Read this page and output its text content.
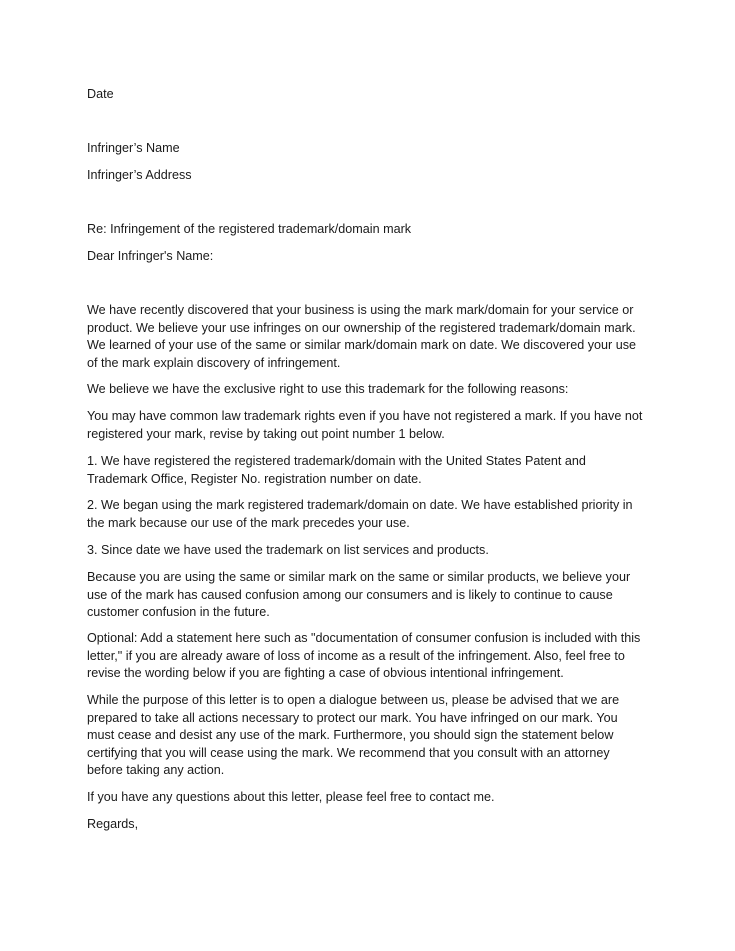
Date

Infringer’s Name

Infringer’s Address

Re: Infringement of the registered trademark/domain mark

Dear Infringer's Name:

We have recently discovered that your business is using the mark mark/domain for your service or product. We believe your use infringes on our ownership of the registered trademark/domain mark. We learned of your use of the same or similar mark/domain mark on date. We discovered your use of the mark explain discovery of infringement.

We believe we have the exclusive right to use this trademark for the following reasons:

You may have common law trademark rights even if you have not registered a mark. If you have not registered your mark, revise by taking out point number 1 below.

1. We have registered the registered trademark/domain with the United States Patent and Trademark Office, Register No. registration number on date.

2. We began using the mark registered trademark/domain on date. We have established priority in the mark because our use of the mark precedes your use.

3. Since date we have used the trademark on list services and products.

Because you are using the same or similar mark on the same or similar products, we believe your use of the mark has caused confusion among our consumers and is likely to continue to cause customer confusion in the future.

Optional: Add a statement here such as "documentation of consumer confusion is included with this letter," if you are already aware of loss of income as a result of the infringement. Also, feel free to revise the wording below if you are fighting a case of obvious intentional infringement.

While the purpose of this letter is to open a dialogue between us, please be advised that we are prepared to take all actions necessary to protect our mark. You have infringed on our mark. You must cease and desist any use of the mark. Furthermore, you should sign the statement below certifying that you will cease using the mark. We recommend that you consult with an attorney before taking any action.

If you have any questions about this letter, please feel free to contact me.

Regards,
